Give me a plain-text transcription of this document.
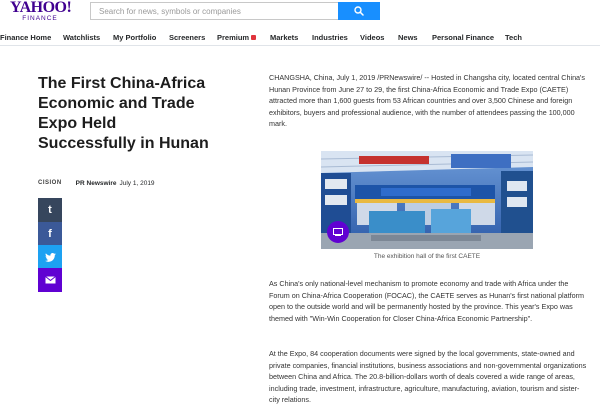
YAHOO!
FINANCE
Search for news, symbols or companies
Finance Home Watchlists My Portfolio Screeners Premium	Markets Industries Videos News Personal Finance Tech
The First China-Africa Economic and Trade Expo Held Successfully in Hunan
CISION PR Newswire July 1, 2019
t
f

CHANGSHA, China, July 1, 2019 /PRNewswire/ -- Hosted in Changsha city, located central China's Hunan Province from June 27 to 29, the first China-Africa Economic and Trade Expo (CAETE) attracted more than 1,600 guests from 53 African countries and over 3,500 Chinese and foreign exhibitors, buyers and professional audience, with the number of attendees passing the 100,000 mark.

The exhibition hall of the first CAETE

As China's only national-level mechanism to promote economy and trade with Africa under the Forum on China-Africa Cooperation (FOCAC), the CAETE serves as Hunan's first national platform open to the outside world and will be permanently hosted by the province. This year's Expo was themed with "Win-Win Cooperation for Closer China-Africa Economic Partnership".

At the Expo, 84 cooperation documents were signed by the local governments, state-owned and private companies, financial institutions, business associations and non-governmental organizations between China and Africa. The 20.8-billion-dollars worth of deals covered a wide range of areas, including trade, investment, infrastructure, agriculture, manufacturing, aviation, tourism and sister-city relations.
